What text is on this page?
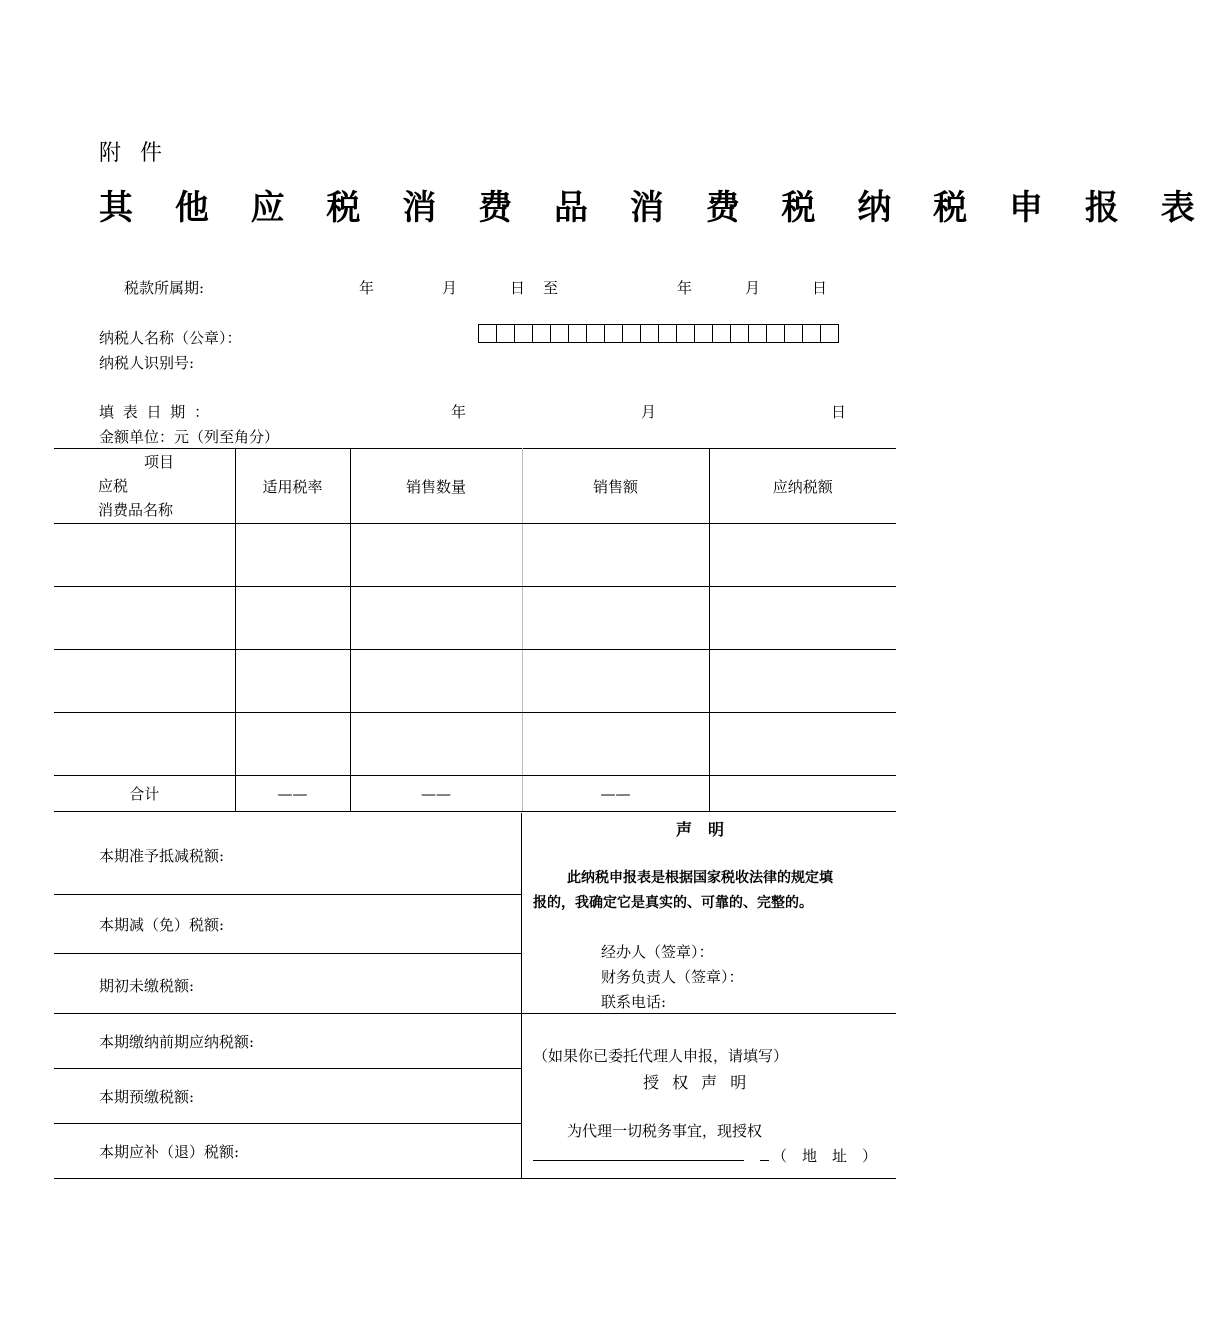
附 件
其 他 应 税 消 费 品 消 费 税 纳 税 申 报 表
税款所属期:	年	月	日 至	年	月	日
纳税人名称（公章）：
纳税人识别号:
填 表 日 期 ：	年	月	日
金额单位：元（列至角分）
项目
应税
消费品名称	适用税率	销售数量	销售额	应纳税额

合计	——	——	——	
本期准予抵减税额:
本期减（免）税额:
期初未缴税额:
本期缴纳前期应纳税额:
本期预缴税额:
本期应补（退）税额:
声　明
此纳税申报表是根据国家税收法律的规定填
报的，我确定它是真实的、可靠的、完整的。
经办人（签章）：
财务负责人（签章）：
联系电话:
（如果你已委托代理人申报，请填写）
授 权 声 明
为代理一切税务事宜，现授权
（　地　址　）
